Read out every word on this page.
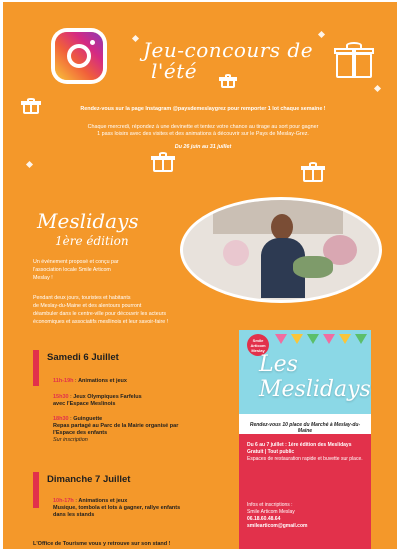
Jeu-concours de
l'été
Rendez-vous sur la page Instagram @paysdemeslaygrez pour remporter 1 lot chaque semaine !
Chaque mercredi, répondez à une devinette et tentez votre chance au tirage au sort pour gagner
1 pass loisirs avec des visites et des animations à découvrir sur le Pays de Meslay-Grez.
Du 26 juin au 31 juillet
Meslidays
1ère édition
Un événement proposé et conçu par
l'association locale Smile Articom
Meslay !
Pendant deux jours, touristes et habitants
de Meslay-du-Maine et des alentours pourront
déambuler dans le centre-ville pour découvrir les acteurs
économiques et associatifs mesllinois et leur savoir-faire !
Samedi 6 Juillet
11h-19h : Animations et jeux
15h30 : Jeux Olympiques Farfelus
avec l'Espace Meslinois
18h30 : Guinguette
Repas partagé au Parc de la Mairie organisé par l'Espace des enfants
Sur inscription
Dimanche 7 Juillet
10h-17h : Animations et jeux
Musique, tombola et lots à gagner, rallye enfants dans les stands
Smile
Articom
Meslay
Les Meslidays
Rendez-vous 10 place du Marché à Meslay-du-Maine
Du 6 au 7 juillet : 1ère édition des Meslidays
Gratuit | Tout public
Espaces de restauration rapide et buvette sur place.
Infos et inscriptions :
Smile Articom Meslay
06.18.60.48.64
smilearticom@gmail.com
L'Office de Tourisme vous y retrouve sur son stand !
